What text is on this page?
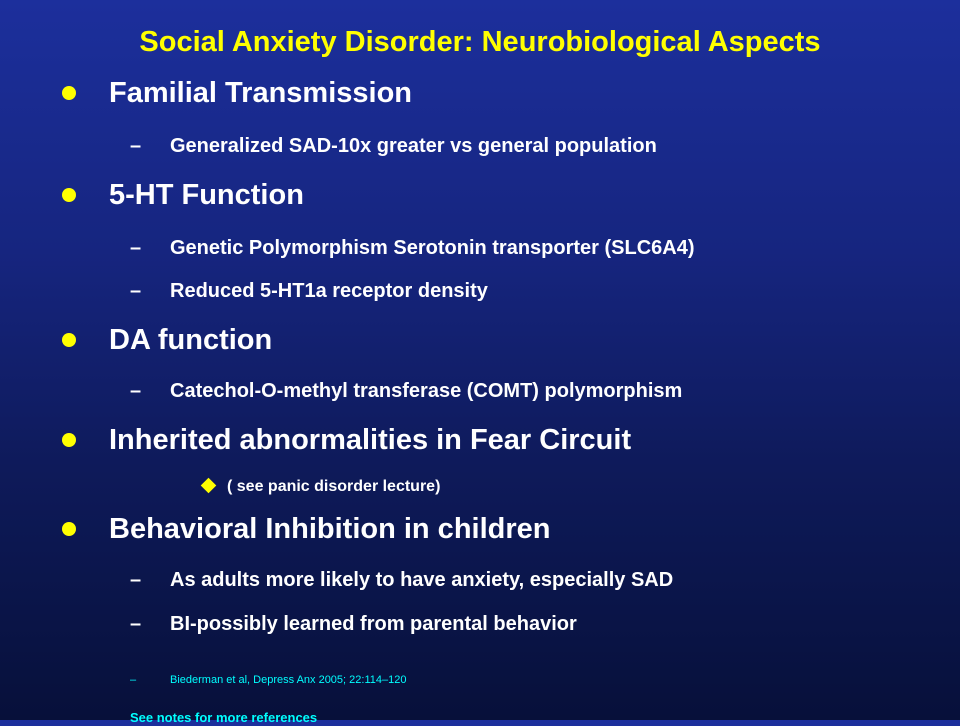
Social Anxiety Disorder: Neurobiological Aspects
Familial Transmission
– Generalized SAD-10x greater vs general population
5-HT Function
– Genetic Polymorphism Serotonin transporter (SLC6A4)
– Reduced 5-HT1a receptor density
DA function
– Catechol-O-methyl transferase (COMT) polymorphism
Inherited abnormalities in Fear Circuit
( see panic disorder lecture)
Behavioral Inhibition in children
– As adults more likely to have anxiety, especially SAD
– BI-possibly learned from parental behavior
–	Biederman et al, Depress Anx 2005; 22:114–120
See notes for more references
